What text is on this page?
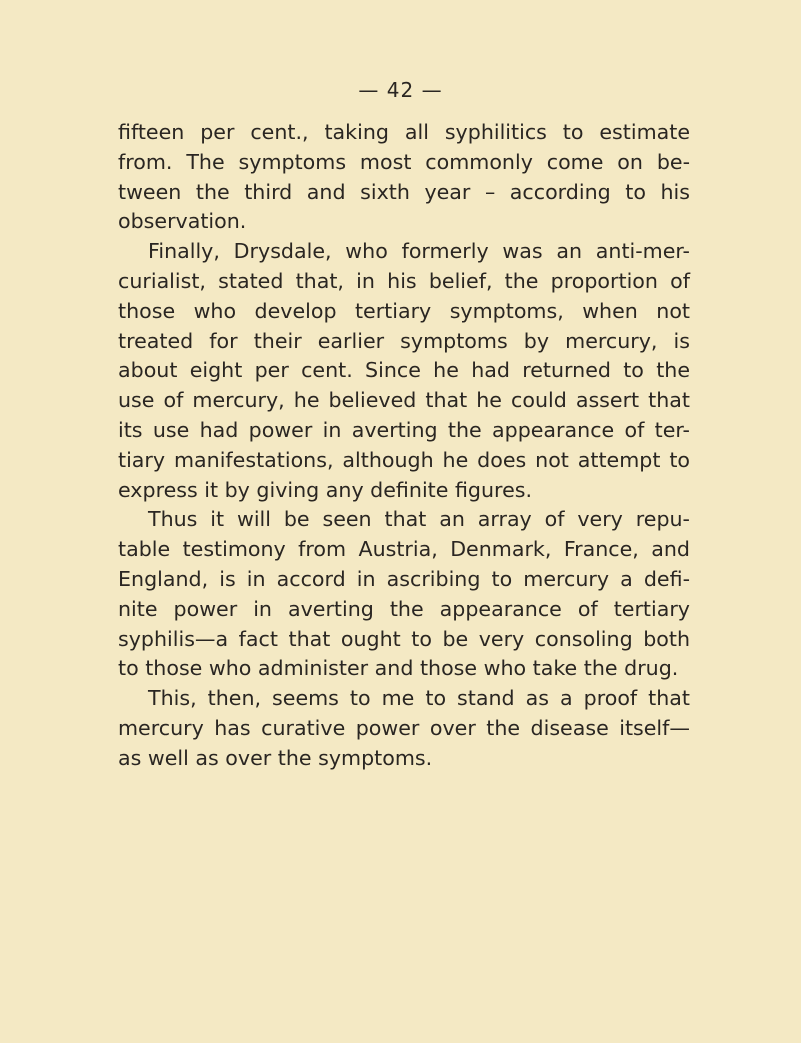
— 42 —
fifteen per cent., taking all syphilitics to estimate
from. The symptoms most commonly come on be-
tween the third and sixth year – according to his
observation.
Finally, Drysdale, who formerly was an anti-mer-
curialist, stated that, in his belief, the proportion of
those who develop tertiary symptoms, when not
treated for their earlier symptoms by mercury, is
about eight per cent. Since he had returned to the
use of mercury, he believed that he could assert that
its use had power in averting the appearance of ter-
tiary manifestations, although he does not attempt to
express it by giving any definite figures.
Thus it will be seen that an array of very repu-
table testimony from Austria, Denmark, France, and
England, is in accord in ascribing to mercury a defi-
nite power in averting the appearance of tertiary
syphilis—a fact that ought to be very consoling both
to those who administer and those who take the drug.
This, then, seems to me to stand as a proof that
mercury has curative power over the disease itself—
as well as over the symptoms.
